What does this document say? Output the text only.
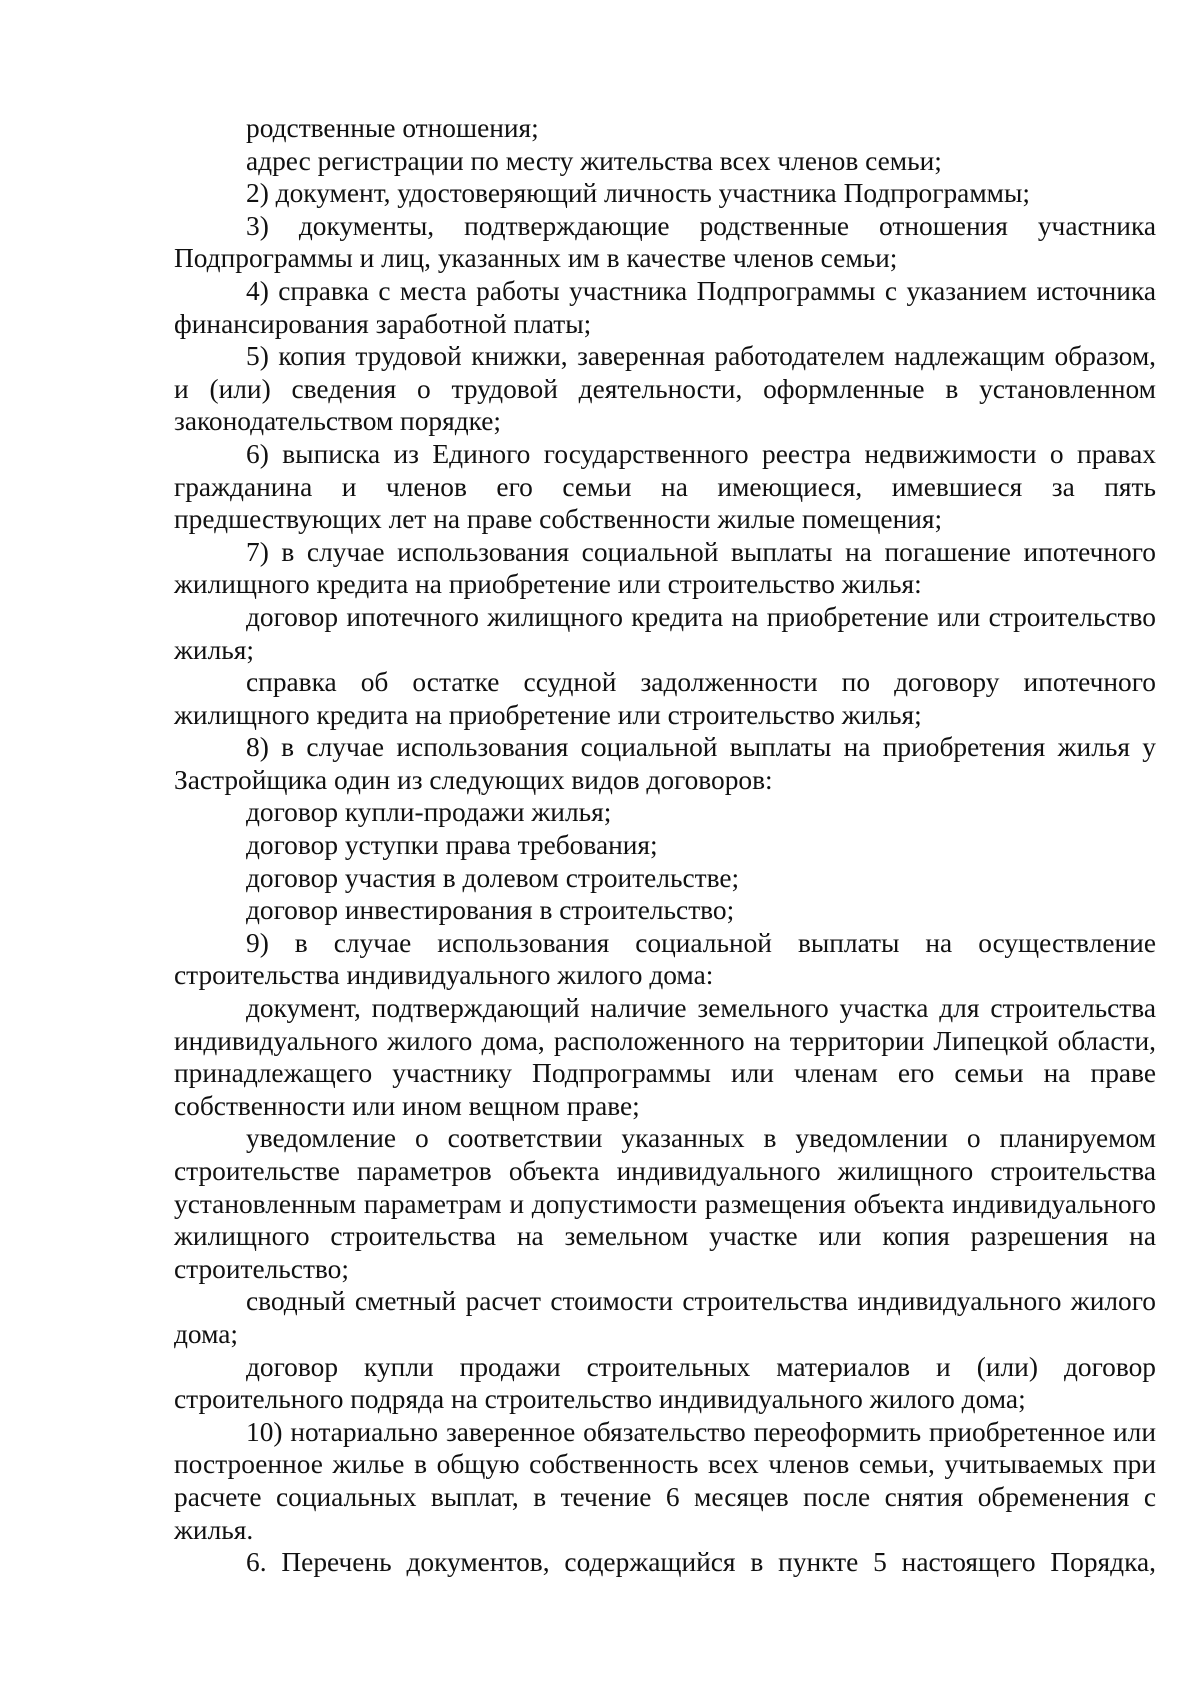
родственные отношения;

адрес регистрации по месту жительства всех членов семьи;

2) документ, удостоверяющий личность участника Подпрограммы;

3) документы, подтверждающие родственные отношения участника Подпрограммы и лиц, указанных им в качестве членов семьи;

4) справка с места работы участника Подпрограммы с указанием источника финансирования заработной платы;

5) копия трудовой книжки, заверенная работодателем надлежащим образом, и (или) сведения о трудовой деятельности, оформленные в установленном законодательством порядке;

6) выписка из Единого государственного реестра недвижимости о правах гражданина и членов его семьи на имеющиеся, имевшиеся за пять предшествующих лет на праве собственности жилые помещения;

7) в случае использования социальной выплаты на погашение ипотечного жилищного кредита на приобретение или строительство жилья:

договор ипотечного жилищного кредита на приобретение или строительство жилья;

справка об остатке ссудной задолженности по договору ипотечного жилищного кредита на приобретение или строительство жилья;

8) в случае использования социальной выплаты на приобретения жилья у Застройщика один из следующих видов договоров:

договор купли-продажи жилья;

договор уступки права требования;

договор участия в долевом строительстве;

договор инвестирования в строительство;

9) в случае использования социальной выплаты на осуществление строительства индивидуального жилого дома:

документ, подтверждающий наличие земельного участка для строительства индивидуального жилого дома, расположенного на территории Липецкой области, принадлежащего участнику Подпрограммы или членам его семьи на праве собственности или ином вещном праве;

уведомление о соответствии указанных в уведомлении о планируемом строительстве параметров объекта индивидуального жилищного строительства установленным параметрам и допустимости размещения объекта индивидуального жилищного строительства на земельном участке или копия разрешения на строительство;

сводный сметный расчет стоимости строительства индивидуального жилого дома;

договор купли продажи строительных материалов и (или) договор строительного подряда на строительство индивидуального жилого дома;

10) нотариально заверенное обязательство переоформить приобретенное или построенное жилье в общую собственность всех членов семьи, учитываемых при расчете социальных выплат, в течение 6 месяцев после снятия обременения с жилья.

6. Перечень документов, содержащийся в пункте 5 настоящего Порядка,
